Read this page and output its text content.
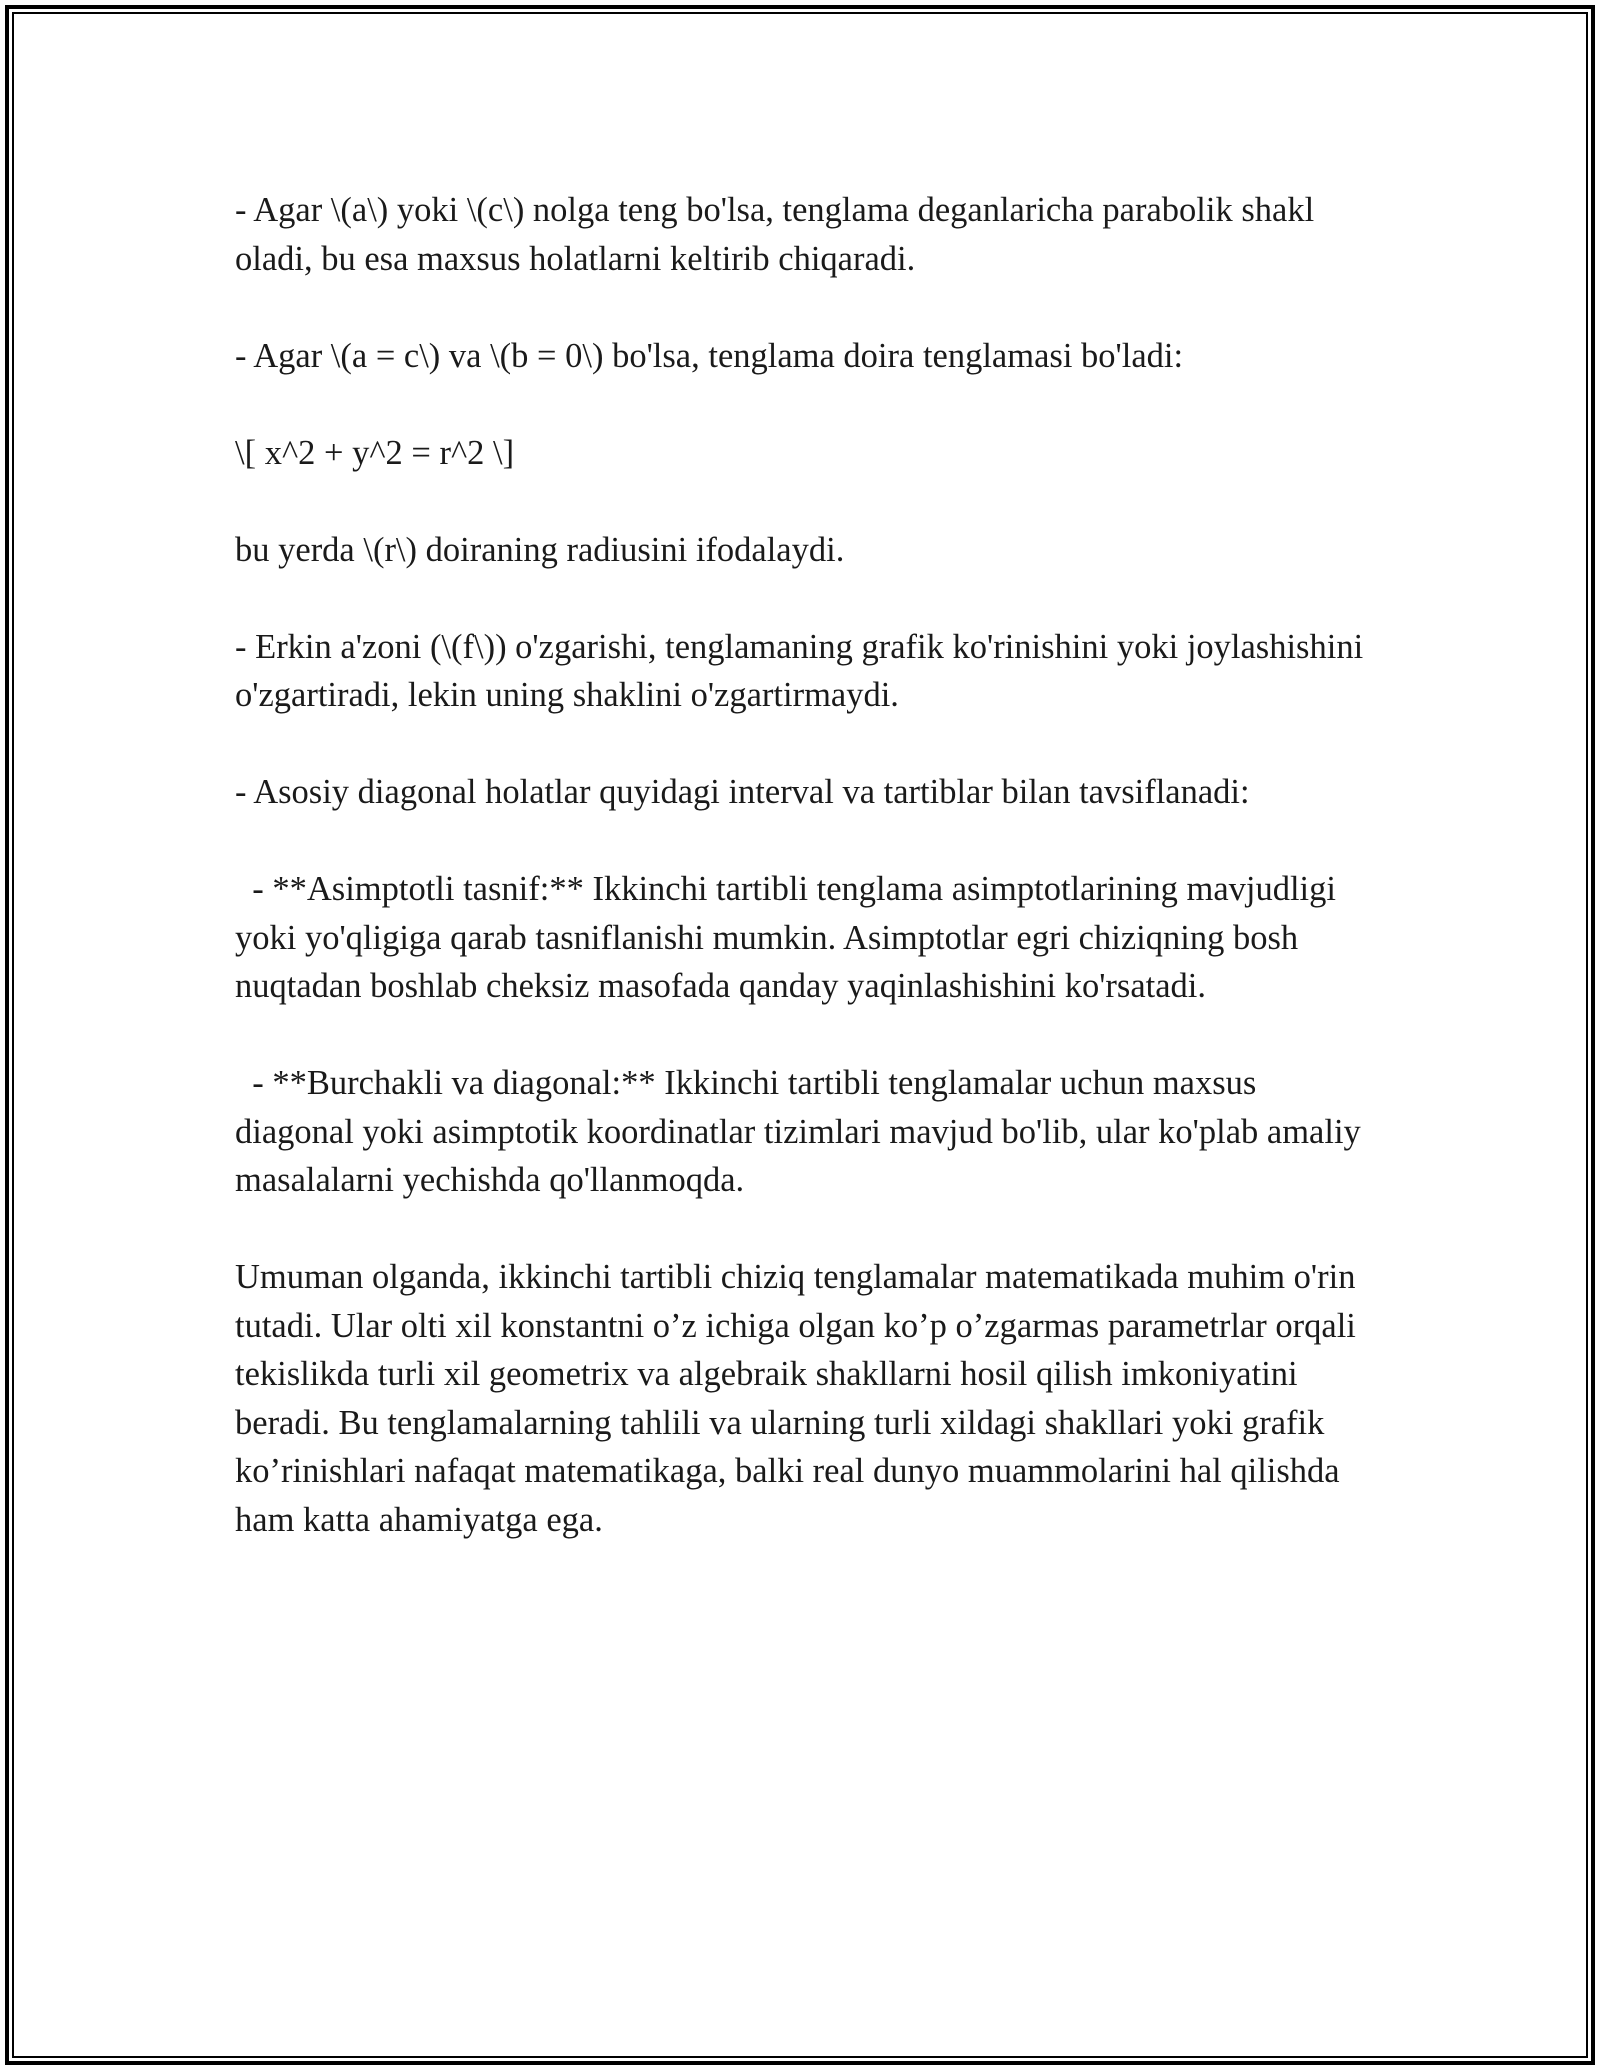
- Agar \(a\) yoki \(c\) nolga teng bo'lsa, tenglama deganlaricha parabolik shakl oladi, bu esa maxsus holatlarni keltirib chiqaradi.

- Agar \(a = c\) va \(b = 0\) bo'lsa, tenglama doira tenglamasi bo'ladi:

\[ x^2 + y^2 = r^2 \]

bu yerda \(r\) doiraning radiusini ifodalaydi.

- Erkin a'zoni (\(f\)) o'zgarishi, tenglamaning grafik ko'rinishini yoki joylashishini o'zgartiradi, lekin uning shaklini o'zgartirmaydi.

- Asosiy diagonal holatlar quyidagi interval va tartiblar bilan tavsiflanadi:

- **Asimptotli tasnif:** Ikkinchi tartibli tenglama asimptotlarining mavjudligi yoki yo'qligiga qarab tasniflanishi mumkin. Asimptotlar egri chiziqning bosh nuqtadan boshlab cheksiz masofada qanday yaqinlashishini ko'rsatadi.

- **Burchakli va diagonal:** Ikkinchi tartibli tenglamalar uchun maxsus diagonal yoki asimptotik koordinatlar tizimlari mavjud bo'lib, ular ko'plab amaliy masalalarni yechishda qo'llanmoqda.

Umuman olganda, ikkinchi tartibli chiziq tenglamalar matematikada muhim o'rin tutadi. Ular olti xil konstantni o’z ichiga olgan ko’p o’zgarmas parametrlar orqali tekislikda turli xil geometrix va algebraik shakllarni hosil qilish imkoniyatini beradi. Bu tenglamalarning tahlili va ularning turli xildagi shakllari yoki grafik ko’rinishlari nafaqat matematikaga, balki real dunyo muammolarini hal qilishda ham katta ahamiyatga ega.
